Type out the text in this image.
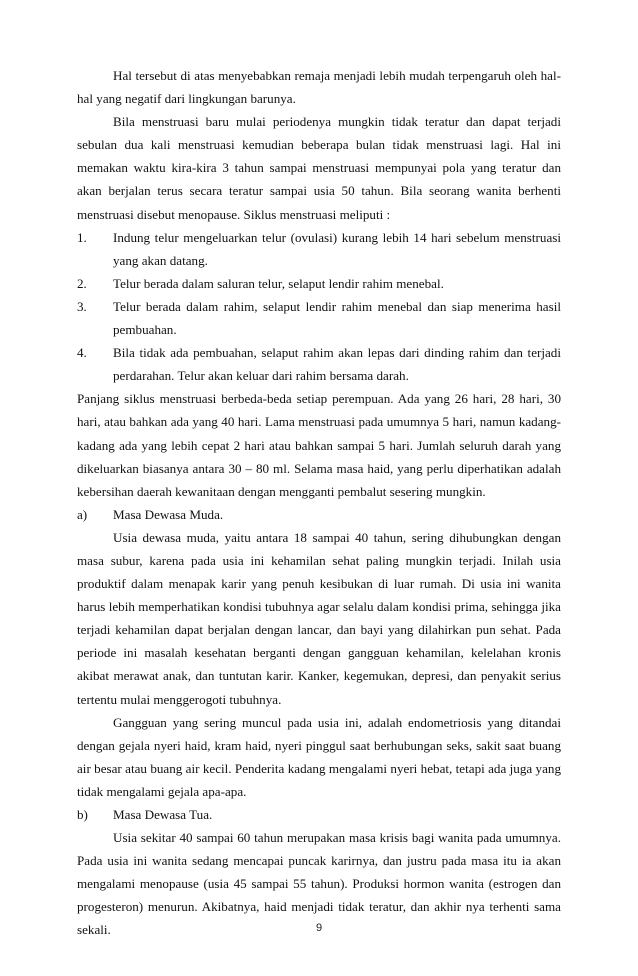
Hal tersebut di atas menyebabkan remaja menjadi lebih mudah terpengaruh oleh hal-hal yang negatif dari lingkungan barunya.

Bila menstruasi baru mulai periodenya mungkin tidak teratur dan dapat terjadi sebulan dua kali menstruasi kemudian beberapa bulan tidak menstruasi lagi. Hal ini memakan waktu kira-kira 3 tahun sampai menstruasi mempunyai pola yang teratur dan akan berjalan terus secara teratur sampai usia 50 tahun. Bila seorang wanita berhenti menstruasi disebut menopause. Siklus menstruasi meliputi :

1.	Indung telur mengeluarkan telur (ovulasi) kurang lebih 14 hari sebelum menstruasi yang akan datang.
2.	Telur berada dalam saluran telur, selaput lendir rahim menebal.
3.	Telur berada dalam rahim, selaput lendir rahim menebal dan siap menerima hasil pembuahan.
4.	Bila tidak ada pembuahan, selaput rahim akan lepas dari dinding rahim dan terjadi perdarahan. Telur akan keluar dari rahim bersama darah.

Panjang siklus menstruasi berbeda-beda setiap perempuan. Ada yang 26 hari, 28 hari, 30 hari, atau bahkan ada yang 40 hari. Lama menstruasi pada umumnya 5 hari, namun kadang-kadang ada yang lebih cepat 2 hari atau bahkan sampai 5 hari. Jumlah seluruh darah yang dikeluarkan biasanya antara 30 – 80 ml. Selama masa haid, yang perlu diperhatikan adalah kebersihan daerah kewanitaan dengan mengganti pembalut sesering mungkin.

a)	Masa Dewasa Muda.

Usia dewasa muda, yaitu antara 18 sampai 40 tahun, sering dihubungkan dengan masa subur, karena pada usia ini kehamilan sehat paling mungkin terjadi. Inilah usia produktif dalam menapak karir yang penuh kesibukan di luar rumah. Di usia ini wanita harus lebih memperhatikan kondisi tubuhnya agar selalu dalam kondisi prima, sehingga jika terjadi kehamilan dapat berjalan dengan lancar, dan bayi yang dilahirkan pun sehat. Pada periode ini masalah kesehatan berganti dengan gangguan kehamilan, kelelahan kronis akibat merawat anak, dan tuntutan karir. Kanker, kegemukan, depresi, dan penyakit serius tertentu mulai menggerogoti tubuhnya.

Gangguan yang sering muncul pada usia ini, adalah endometriosis yang ditandai dengan gejala nyeri haid, kram haid, nyeri pinggul saat berhubungan seks, sakit saat buang air besar atau buang air kecil. Penderita kadang mengalami nyeri hebat, tetapi ada juga yang tidak mengalami gejala apa-apa.

b)	Masa Dewasa Tua.

Usia sekitar 40 sampai 60 tahun merupakan masa krisis bagi wanita pada umumnya. Pada usia ini wanita sedang mencapai puncak karirnya, dan justru pada masa itu ia akan mengalami menopause (usia 45 sampai 55 tahun). Produksi hormon wanita (estrogen dan progesteron) menurun. Akibatnya, haid menjadi tidak teratur, dan akhir nya terhenti sama sekali.	9
